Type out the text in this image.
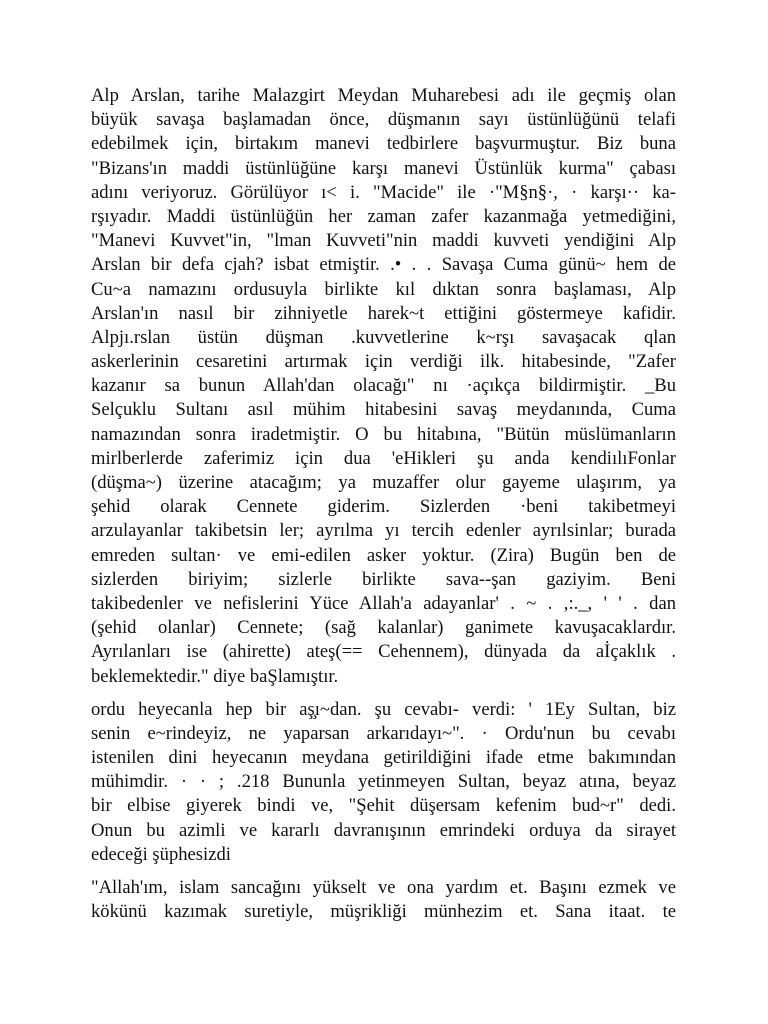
Alp Arslan, tarihe Malazgirt Meydan Muharebesi adı ile geçmiş olan
büyük savaşa başlamadan önce, düşmanın sayı üstünlüğünü telafi
edebilmek için, birtakım manevi tedbirlere başvurmuştur. Biz buna
"Bizans'ın maddi üstünlüğüne karşı manevi Üstünlük kurma" çabası
adını veriyoruz. Görülüyor ı< i. "Macide" ile ·"M§n§·, · karşı·· ka-
rşıyadır. Maddi üstünlüğün her zaman zafer kazanmağa yetmediğini,
"Manevi Kuvvet"in, "lman Kuvveti"nin maddi kuvveti yendiğini Alp
Arslan bir defa cjah? isbat etmiştir. .• . . Savaşa Cuma günü~ hem de
Cu~a namazını ordusuyla birlikte kıl dıktan sonra başlaması, Alp
Arslan'ın nasıl bir zihniyetle harek~t ettiğini göstermeye kafidir.
Alpjı.rslan üstün düşman .kuvvetlerine k~rşı savaşacak qlan
askerlerinin cesaretini artırmak için verdiği ilk. hitabesinde, "Zafer
kazanır sa bunun Allah'dan olacağı" nı ·açıkça bildirmiştir. _Bu
Selçuklu Sultanı asıl mühim hitabesini savaş meydanında, Cuma
namazından sonra iradetmiştir. O bu hitabına, "Bütün müslümanların
mirlberlerde zaferimiz için dua 'eHikleri şu anda kendiılıFonlar
(düşma~) üzerine atacağım; ya muzaffer olur gayeme ulaşırım, ya
şehid olarak Cennete giderim. Sizlerden ·beni takibetmeyi
arzulayanlar takibetsin ler; ayrılma yı tercih edenler ayrılsinlar; burada
emreden sultan· ve emi-edilen asker yoktur. (Zira) Bugün ben de
sizlerden biriyim; sizlerle birlikte sava--şan gaziyim. Beni
takibedenler ve nefislerini Yüce Allah'a adayanlar' . ~ . ,:._, ' ' . dan
(şehid olanlar) Cennete; (sağ kalanlar) ganimete kavuşacaklardır.
Ayrılanları ise (ahirette) ateş(== Cehennem), dünyada da aİçaklık .
beklemektedir." diye baŞlamıştır.

ordu heyecanla hep bir aş̧ı~dan. şu cevabı- verdi: ' 1Ey Sultan, biz
senin e~rindeyiz, ne yaparsan arkarıdayı~". · Ordu'nun bu cevabı
istenilen dini heyecanın meydana getirildiğini ifade etme bakımından
mühimdir. · · ; .218 Bununla yetinmeyen Sultan, beyaz atına, beyaz
bir elbise giyerek bindi ve, "Şehit düşersam kefenim bud~r" dedi.
Onun bu azimli ve kararlı davranışının emrindeki orduya da sirayet
edeceği şüphesizdi

"Allah'ım, islam sancağını yükselt ve ona yardım et. Başını ezmek ve
kökünü kazımak suretiyle, müşrikliği münhezim et. Sana itaat. te
